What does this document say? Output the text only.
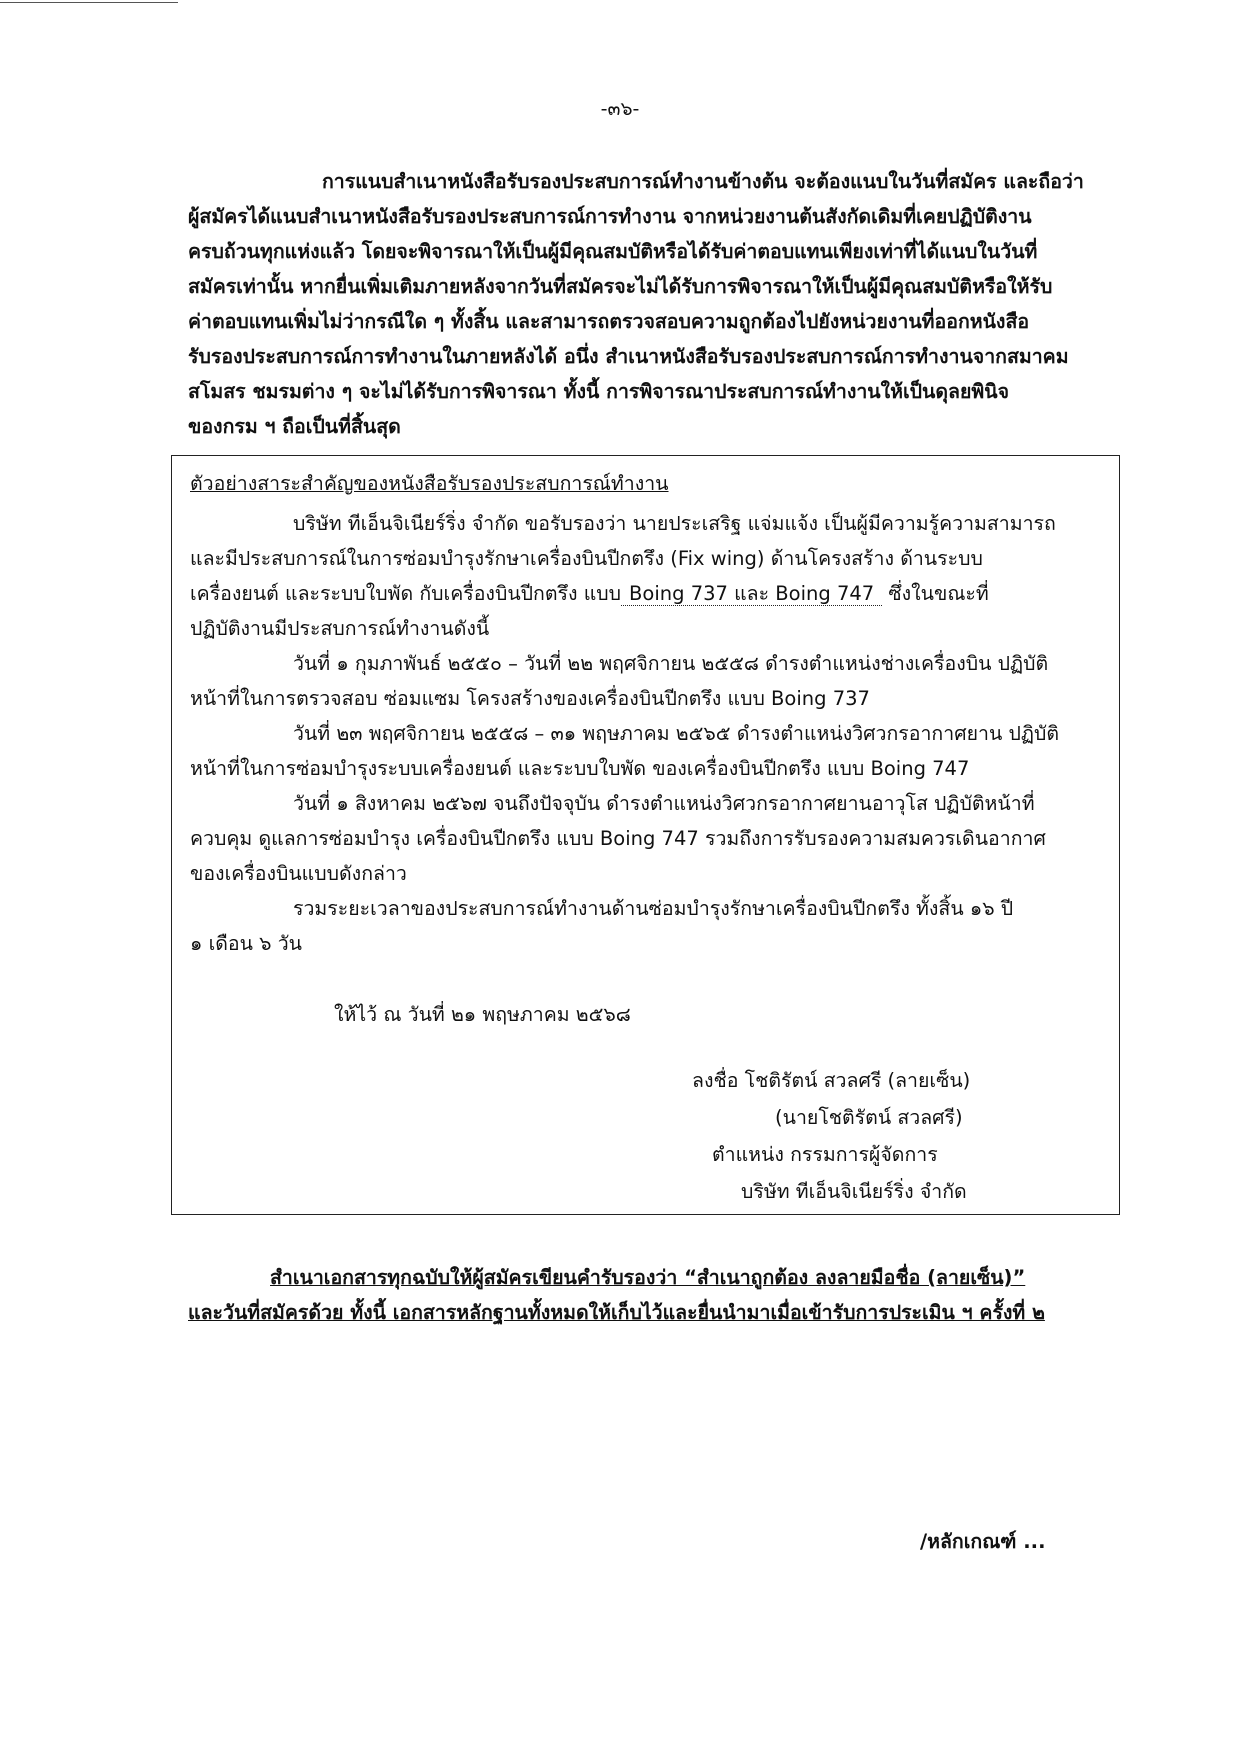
-๓๖-
การแนบสำเนาหนังสือรับรองประสบการณ์ทำงานข้างต้น จะต้องแนบในวันที่สมัคร และถือว่า
ผู้สมัครได้แนบสำเนาหนังสือรับรองประสบการณ์การทำงาน จากหน่วยงานต้นสังกัดเดิมที่เคยปฏิบัติงาน
ครบถ้วนทุกแห่งแล้ว โดยจะพิจารณาให้เป็นผู้มีคุณสมบัติหรือได้รับค่าตอบแทนเพียงเท่าที่ได้แนบในวันที่
สมัครเท่านั้น หากยื่นเพิ่มเติมภายหลังจากวันที่สมัครจะไม่ได้รับการพิจารณาให้เป็นผู้มีคุณสมบัติหรือให้รับ
ค่าตอบแทนเพิ่มไม่ว่ากรณีใด ๆ ทั้งสิ้น และสามารถตรวจสอบความถูกต้องไปยังหน่วยงานที่ออกหนังสือ
รับรองประสบการณ์การทำงานในภายหลังได้ อนึ่ง สำเนาหนังสือรับรองประสบการณ์การทำงานจากสมาคม
สโมสร ชมรมต่าง ๆ จะไม่ได้รับการพิจารณา ทั้งนี้ การพิจารณาประสบการณ์ทำงานให้เป็นดุลยพินิจ
ของกรม ฯ ถือเป็นที่สิ้นสุด
ตัวอย่างสาระสำคัญของหนังสือรับรองประสบการณ์ทำงาน
บริษัท ทีเอ็นจิเนียร์ริ่ง จำกัด ขอรับรองว่า นายประเสริฐ แจ่มแจ้ง เป็นผู้มีความรู้ความสามารถ
และมีประสบการณ์ในการซ่อมบำรุงรักษาเครื่องบินปีกตรึง (Fix wing) ด้านโครงสร้าง ด้านระบบ
เครื่องยนต์ และระบบใบพัด กับเครื่องบินปีกตรึง แบบ Boing 737 และ Boing 747 ซึ่งในขณะที่
ปฏิบัติงานมีประสบการณ์ทำงานดังนี้
วันที่ ๑ กุมภาพันธ์ ๒๕๕๐ – วันที่ ๒๒ พฤศจิกายน ๒๕๕๘ ดำรงตำแหน่งช่างเครื่องบิน ปฏิบัติ
หน้าที่ในการตรวจสอบ ซ่อมแซม โครงสร้างของเครื่องบินปีกตรึง แบบ Boing 737
วันที่ ๒๓ พฤศจิกายน ๒๕๕๘ – ๓๑ พฤษภาคม ๒๕๖๕ ดำรงตำแหน่งวิศวกรอากาศยาน ปฏิบัติ
หน้าที่ในการซ่อมบำรุงระบบเครื่องยนต์ และระบบใบพัด ของเครื่องบินปีกตรึง แบบ Boing 747
วันที่ ๑ สิงหาคม ๒๕๖๗ จนถึงปัจจุบัน ดำรงตำแหน่งวิศวกรอากาศยานอาวุโส ปฏิบัติหน้าที่
ควบคุม ดูแลการซ่อมบำรุง เครื่องบินปีกตรึง แบบ Boing 747 รวมถึงการรับรองความสมควรเดินอากาศ
ของเครื่องบินแบบดังกล่าว
รวมระยะเวลาของประสบการณ์ทำงานด้านซ่อมบำรุงรักษาเครื่องบินปีกตรึง ทั้งสิ้น ๑๖ ปี
๑ เดือน ๖ วัน
ให้ไว้ ณ วันที่ ๒๑ พฤษภาคม ๒๕๖๘
ลงชื่อ โชติรัตน์ สวลศรี (ลายเซ็น)
(นายโชติรัตน์ สวลศรี)
ตำแหน่ง กรรมการผู้จัดการ
บริษัท ทีเอ็นจิเนียร์ริ่ง จำกัด
สำเนาเอกสารทุกฉบับให้ผู้สมัครเขียนคำรับรองว่า “สำเนาถูกต้อง ลงลายมือชื่อ (ลายเซ็น)”
และวันที่สมัครด้วย ทั้งนี้ เอกสารหลักฐานทั้งหมดให้เก็บไว้และยื่นนำมาเมื่อเข้ารับการประเมิน ฯ ครั้งที่ ๒
/หลักเกณฑ์ ...
